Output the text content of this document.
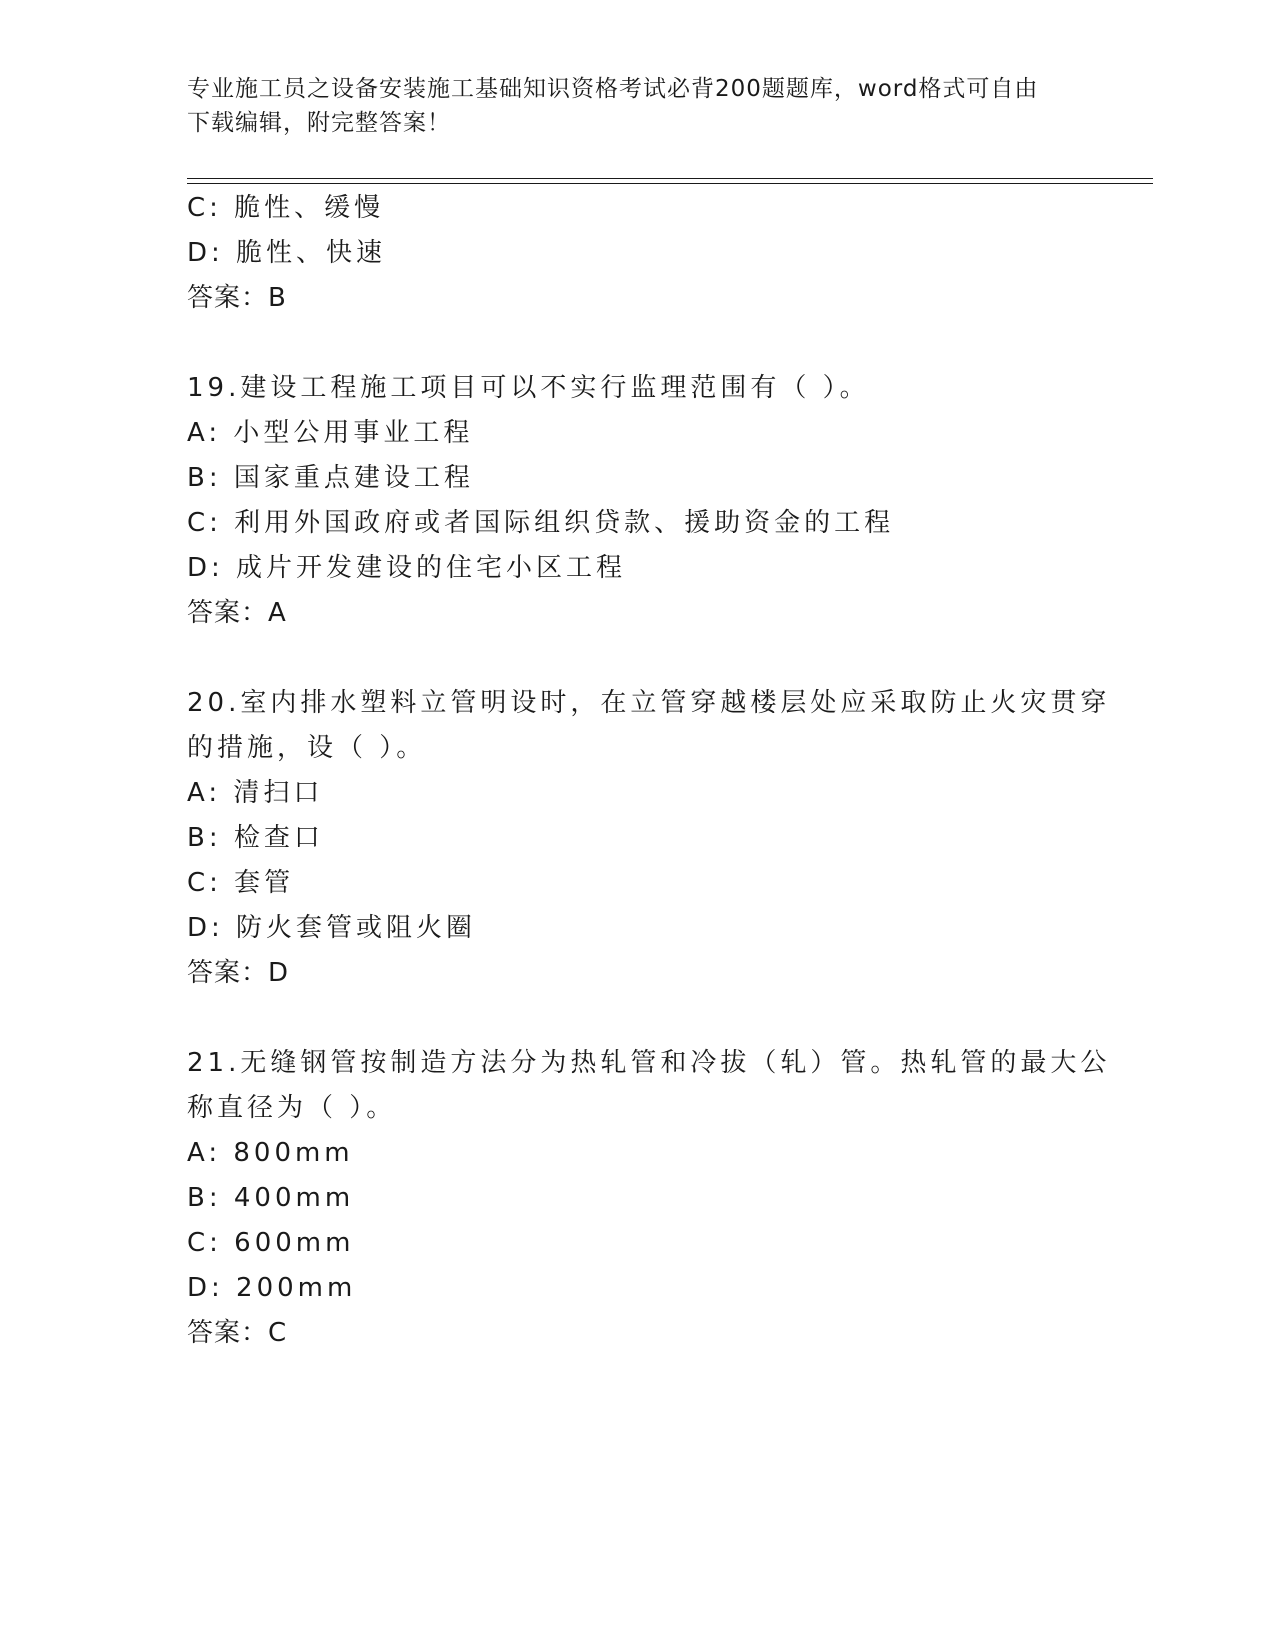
专业施工员之设备安装施工基础知识资格考试必背200题题库，word格式可自由
下载编辑，附完整答案！
C: 脆性、缓慢
D: 脆性、快速
答案：B
19.建设工程施工项目可以不实行监理范围有（ ）。
A: 小型公用事业工程
B: 国家重点建设工程
C: 利用外国政府或者国际组织贷款、援助资金的工程
D: 成片开发建设的住宅小区工程
答案：A
20.室内排水塑料立管明设时，在立管穿越楼层处应采取防止火灾贯穿
的措施，设（ ）。
A: 清扫口
B: 检查口
C: 套管
D: 防火套管或阻火圈
答案：D
21.无缝钢管按制造方法分为热轧管和冷拔（轧）管。热轧管的最大公
称直径为（ ）。
A: 800mm
B: 400mm
C: 600mm
D: 200mm
答案：C
